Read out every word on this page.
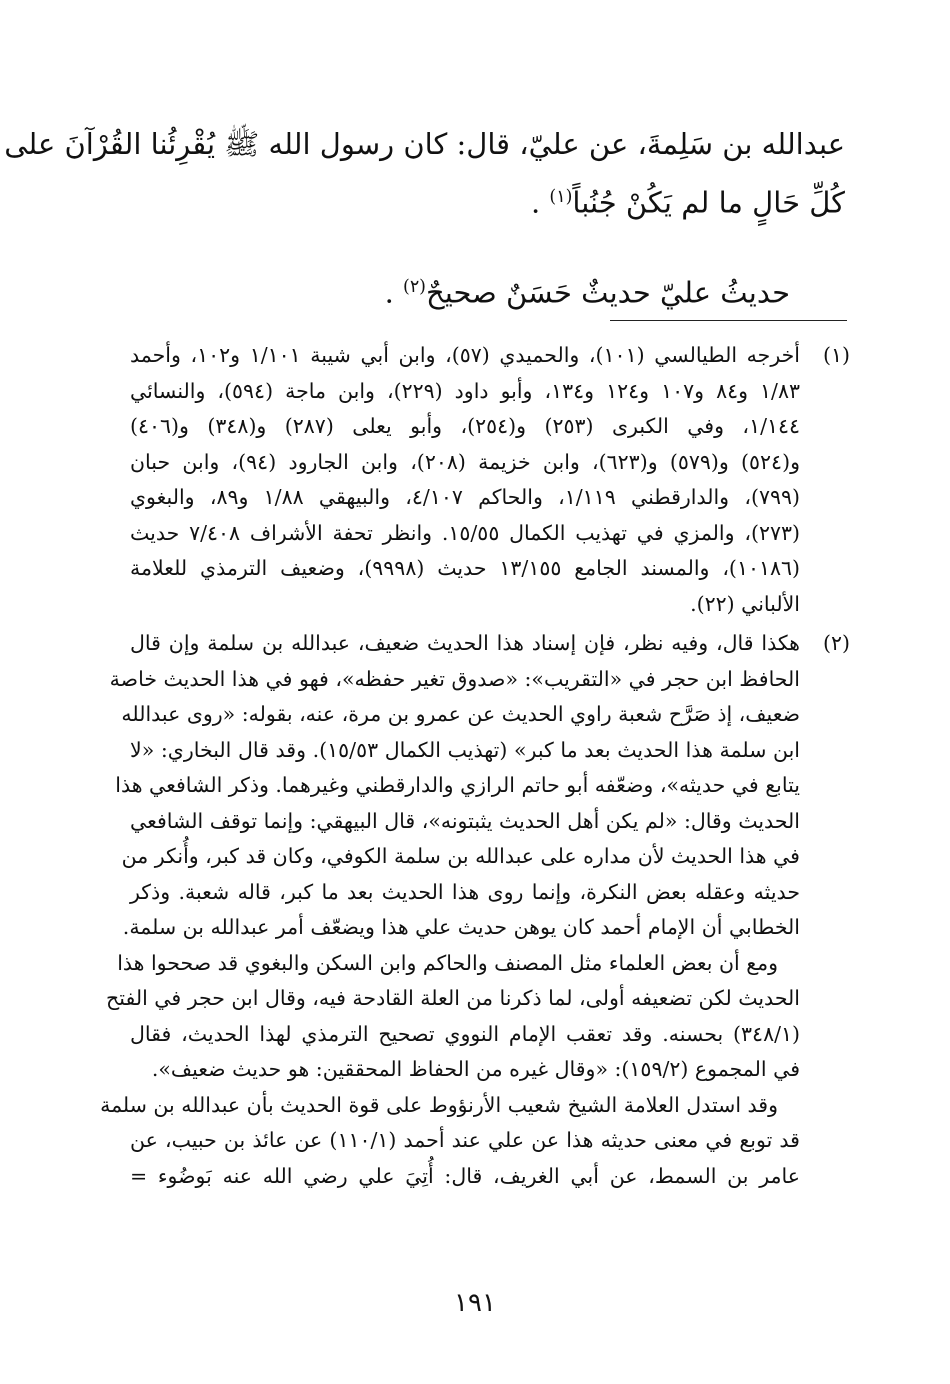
عبدالله بن سَلِمةَ، عن عليّ، قال: كان رسول الله ﷺ يُقْرِئُنا القُرْآنَ على
كُلِّ حَالٍ ما لم يَكُنْ جُنُباً$^{(١)}$ .
حديثُ عليّ حديثٌ حَسَنٌ صحيحٌ$^{(٢)}$ .
(١)
أخرجه الطيالسي (١٠١)، والحميدي (٥٧)، وابن أبي شيبة ١/١٠١ و١٠٢، وأحمد
١/٨٣ و٨٤ و١٠٧ و١٢٤ و١٣٤، وأبو داود (٢٢٩)، وابن ماجة (٥٩٤)، والنسائي
١/١٤٤، وفي الكبرى (٢٥٣) و(٢٥٤)، وأبو يعلى (٢٨٧) و(٣٤٨) و(٤٠٦)
و(٥٢٤) و(٥٧٩) و(٦٢٣)، وابن خزيمة (٢٠٨)، وابن الجارود (٩٤)، وابن حبان
(٧٩٩)، والدارقطني ١/١١٩، والحاكم ٤/١٠٧، والبيهقي ١/٨٨ و٨٩، والبغوي
(٢٧٣)، والمزي في تهذيب الكمال ١٥/٥٥. وانظر تحفة الأشراف ٧/٤٠٨ حديث
(١٠١٨٦)، والمسند الجامع ١٣/١٥٥ حديث (٩٩٩٨)، وضعيف الترمذي للعلامة
الألباني (٢٢).
(٢)
هكذا قال، وفيه نظر، فإن إسناد هذا الحديث ضعيف، عبدالله بن سلمة وإن قال
الحافظ ابن حجر في «التقريب»: «صدوق تغير حفظه»، فهو في هذا الحديث خاصة
ضعيف، إذ صَرَّح شعبة راوي الحديث عن عمرو بن مرة، عنه، بقوله: «روى عبدالله
ابن سلمة هذا الحديث بعد ما كبر» (تهذيب الكمال ١٥/٥٣). وقد قال البخاري: «لا
يتابع في حديثه»، وضعّفه أبو حاتم الرازي والدارقطني وغيرهما. وذكر الشافعي هذا
الحديث وقال: «لم يكن أهل الحديث يثبتونه»، قال البيهقي: وإنما توقف الشافعي
في هذا الحديث لأن مداره على عبدالله بن سلمة الكوفي، وكان قد كبر، وأُنكر من
حديثه وعقله بعض النكرة، وإنما روى هذا الحديث بعد ما كبر، قاله شعبة. وذكر
الخطابي أن الإمام أحمد كان يوهن حديث علي هذا ويضعّف أمر عبدالله بن سلمة.
ومع أن بعض العلماء مثل المصنف والحاكم وابن السكن والبغوي قد صححوا هذا
الحديث لكن تضعيفه أولى، لما ذكرنا من العلة القادحة فيه، وقال ابن حجر في الفتح
(٣٤٨/١) بحسنه. وقد تعقب الإمام النووي تصحيح الترمذي لهذا الحديث، فقال
في المجموع (١٥٩/٢): «وقال غيره من الحفاظ المحققين: هو حديث ضعيف».
وقد استدل العلامة الشيخ شعيب الأرنؤوط على قوة الحديث بأن عبدالله بن سلمة
قد توبع في معنى حديثه هذا عن علي عند أحمد (١١٠/١) عن عائذ بن حبيب، عن
عامر بن السمط، عن أبي الغريف، قال: أُتِيَ علي رضي الله عنه بَوضُوء =
١٩١
